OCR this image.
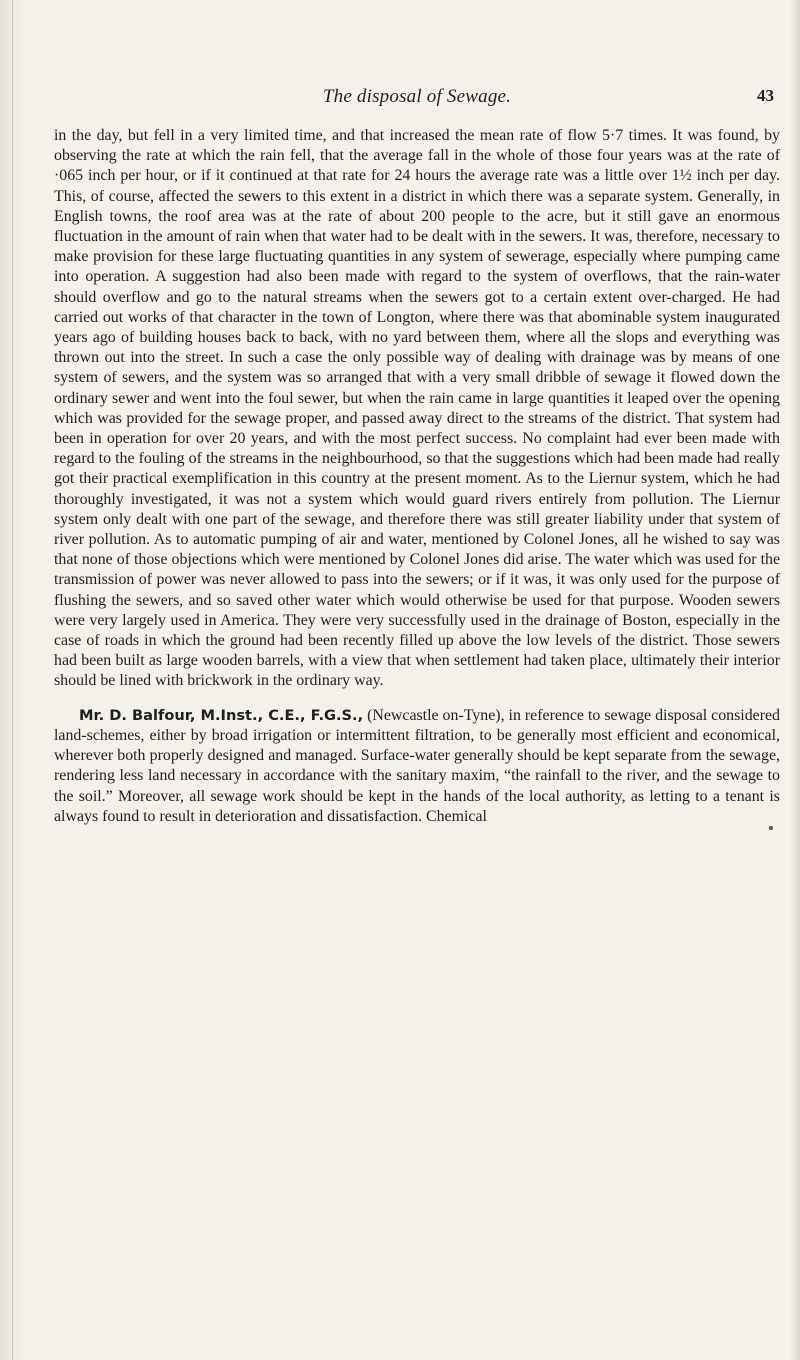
The disposal of Sewage.	43

in the day, but fell in a very limited time, and that increased the mean rate of flow 5·7 times. It was found, by observing the rate at which the rain fell, that the average fall in the whole of those four years was at the rate of ·065 inch per hour, or if it continued at that rate for 24 hours the average rate was a little over 1½ inch per day. This, of course, affected the sewers to this extent in a district in which there was a separate system. Generally, in English towns, the roof area was at the rate of about 200 people to the acre, but it still gave an enormous fluctuation in the amount of rain when that water had to be dealt with in the sewers. It was, therefore, necessary to make provision for these large fluctuating quantities in any system of sewerage, especially where pumping came into operation. A suggestion had also been made with regard to the system of overflows, that the rain-water should overflow and go to the natural streams when the sewers got to a certain extent over-charged. He had carried out works of that character in the town of Longton, where there was that abominable system inaugurated years ago of building houses back to back, with no yard between them, where all the slops and everything was thrown out into the street. In such a case the only possible way of dealing with drainage was by means of one system of sewers, and the system was so arranged that with a very small dribble of sewage it flowed down the ordinary sewer and went into the foul sewer, but when the rain came in large quantities it leaped over the opening which was provided for the sewage proper, and passed away direct to the streams of the district. That system had been in operation for over 20 years, and with the most perfect success. No complaint had ever been made with regard to the fouling of the streams in the neighbourhood, so that the suggestions which had been made had really got their practical exemplification in this country at the present moment. As to the Liernur system, which he had thoroughly investigated, it was not a system which would guard rivers entirely from pollution. The Liernur system only dealt with one part of the sewage, and therefore there was still greater liability under that system of river pollution. As to automatic pumping of air and water, mentioned by Colonel Jones, all he wished to say was that none of those objections which were mentioned by Colonel Jones did arise. The water which was used for the transmission of power was never allowed to pass into the sewers; or if it was, it was only used for the purpose of flushing the sewers, and so saved other water which would otherwise be used for that purpose. Wooden sewers were very largely used in America. They were very successfully used in the drainage of Boston, especially in the case of roads in which the ground had been recently filled up above the low levels of the district. Those sewers had been built as large wooden barrels, with a view that when settlement had taken place, ultimately their interior should be lined with brickwork in the ordinary way.

Mr. D. Balfour, M.Inst., C.E., F.G.S., (Newcastle on-Tyne), in reference to sewage disposal considered land-schemes, either by broad irrigation or intermittent filtration, to be generally most efficient and economical, wherever both properly designed and managed. Surface-water generally should be kept separate from the sewage, rendering less land necessary in accordance with the sanitary maxim, “the rainfall to the river, and the sewage to the soil.” Moreover, all sewage work should be kept in the hands of the local authority, as letting to a tenant is always found to result in deterioration and dissatisfaction. Chemical
